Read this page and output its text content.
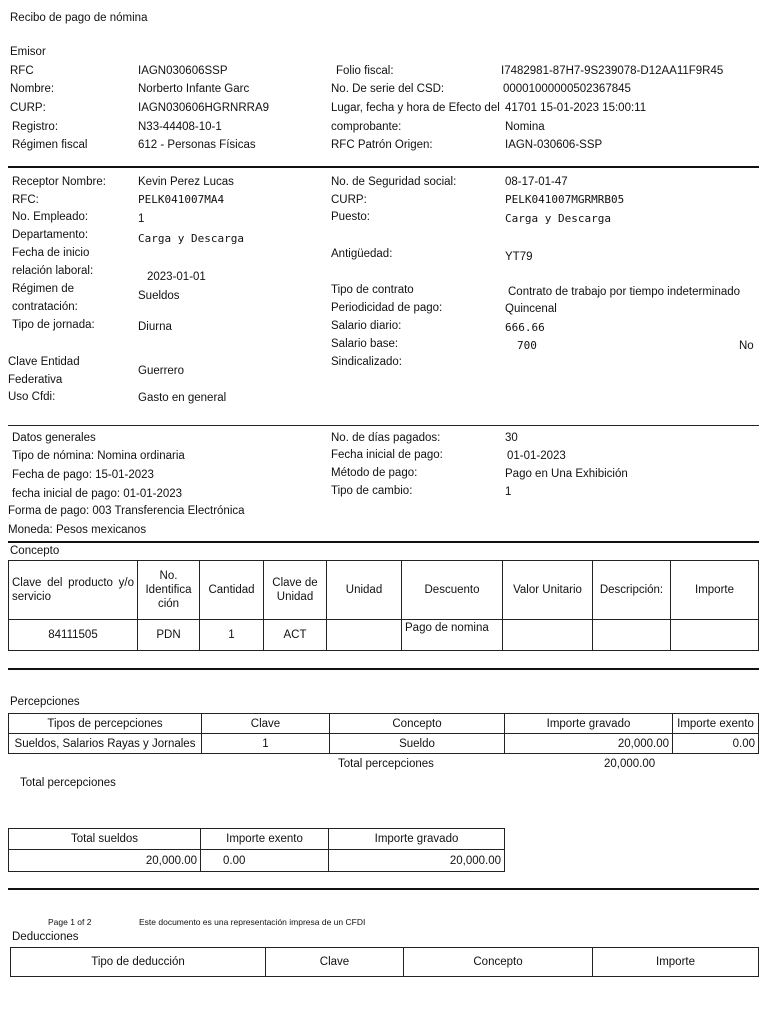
Recibo de pago de nómina
Emisor
RFC	IAGN030606SSP
Nombre:	Norberto Infante Garc
CURP:	IAGN030606HGRNRRA9
Registro:	N33-44408-10-1
Régimen fiscal	612 - Personas Físicas
Folio fiscal:	I7482981-87H7-9S239078-D12AA11F9R45
No. De serie del CSD:	00001000000502367845
Lugar, fecha y hora de Efecto del 41701 15-01-2023 15:00:11
comprobante:	Nomina
RFC Patrón Origen:	IAGN-030606-SSP
Receptor Nombre:	Kevin Perez Lucas
RFC:	PELK041007MA4
No. Empleado:	1
Departamento:	Carga y Descarga
Fecha de inicio
relación laboral:	2023-01-01
Régimen de
contratación:
Sueldos
Tipo de jornada:	Diurna
Clave Entidad
Federativa
Guerrero
Uso Cfdi:	Gasto en general
No. de Seguridad social:	08-17-01-47
CURP:	PELK041007MGRMRB05
Puesto:	Carga y Descarga
Antigüedad:	YT79
Tipo de contrato	Contrato de trabajo por tiempo indeterminado
Periodicidad de pago:	Quincenal
Salario diario:	666.66
Salario base:	700	No
Sindicalizado:
Datos generales
Tipo de nómina: Nomina ordinaria
Fecha de pago: 15-01-2023
fecha inicial de pago: 01-01-2023
Forma de pago: 003 Transferencia Electrónica
Moneda: Pesos mexicanos
No. de días pagados:	30
Fecha inicial de pago:	01-01-2023
Método de pago:	Pago en Una Exhibición
Tipo de cambio:	1
Concepto
Clave del producto y/o servicio	No. Identifica ción	Cantidad	Clave de Unidad	Unidad	Descuento	Valor Unitario	Descripción:	Importe
84111505	PDN	1	ACT		Pago de nomina			
Percepciones
Tipos de percepciones	Clave	Concepto	Importe gravado	Importe exento
Sueldos, Salarios Rayas y Jornales	1	Sueldo	20,000.00	0.00
Total percepciones	20,000.00
Total percepciones
Total sueldos	Importe exento	Importe gravado
20,000.00	0.00	20,000.00
Page 1 of 2	Este documento es una representación impresa de un CFDI
Deducciones
Tipo de deducción	Clave	Concepto	Importe
